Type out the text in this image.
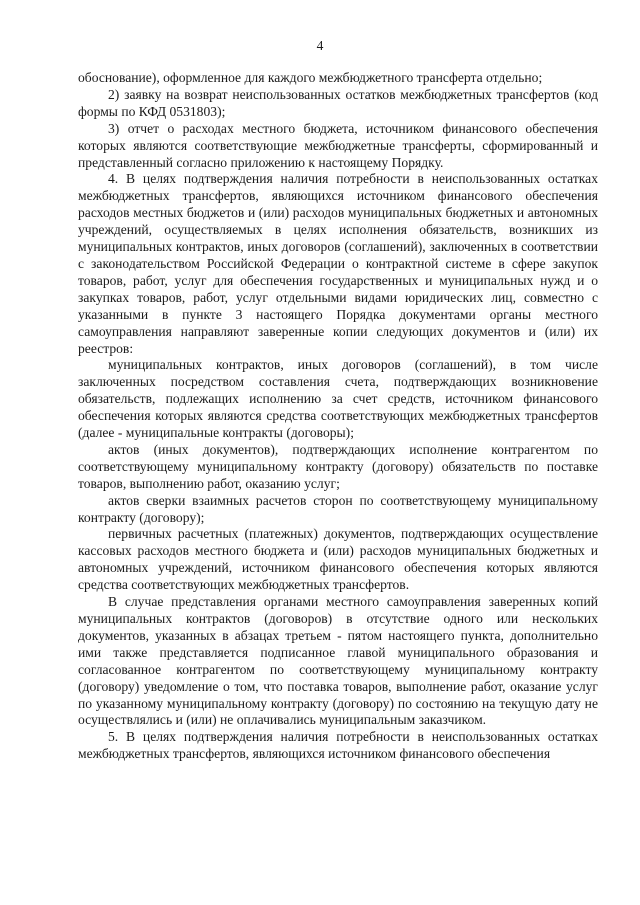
4

обоснование), оформленное для каждого межбюджетного трансферта отдельно;

2) заявку на возврат неиспользованных остатков межбюджетных трансфертов (код формы по КФД 0531803);

3) отчет о расходах местного бюджета, источником финансового обеспечения которых являются соответствующие межбюджетные трансферты, сформированный и представленный согласно приложению к настоящему Порядку.

4. В целях подтверждения наличия потребности в неиспользованных остатках межбюджетных трансфертов, являющихся источником финансового обеспечения расходов местных бюджетов и (или) расходов муниципальных бюджетных и автономных учреждений, осуществляемых в целях исполнения обязательств, возникших из муниципальных контрактов, иных договоров (соглашений), заключенных в соответствии с законодательством Российской Федерации о контрактной системе в сфере закупок товаров, работ, услуг для обеспечения государственных и муниципальных нужд и о закупках товаров, работ, услуг отдельными видами юридических лиц, совместно с указанными в пункте 3 настоящего Порядка документами органы местного самоуправления направляют заверенные копии следующих документов и (или) их реестров:

муниципальных контрактов, иных договоров (соглашений), в том числе заключенных посредством составления счета, подтверждающих возникновение обязательств, подлежащих исполнению за счет средств, источником финансового обеспечения которых являются средства соответствующих межбюджетных трансфертов (далее - муниципальные контракты (договоры);

актов (иных документов), подтверждающих исполнение контрагентом по соответствующему муниципальному контракту (договору) обязательств по поставке товаров, выполнению работ, оказанию услуг;

актов сверки взаимных расчетов сторон по соответствующему муниципальному контракту (договору);

первичных расчетных (платежных) документов, подтверждающих осуществление кассовых расходов местного бюджета и (или) расходов муниципальных бюджетных и автономных учреждений, источником финансового обеспечения которых являются средства соответствующих межбюджетных трансфертов.

В случае представления органами местного самоуправления заверенных копий муниципальных контрактов (договоров) в отсутствие одного или нескольких документов, указанных в абзацах третьем - пятом настоящего пункта, дополнительно ими также представляется подписанное главой муниципального образования и согласованное контрагентом по соответствующему муниципальному контракту (договору) уведомление о том, что поставка товаров, выполнение работ, оказание услуг по указанному муниципальному контракту (договору) по состоянию на текущую дату не осуществлялись и (или) не оплачивались муниципальным заказчиком.

5. В целях подтверждения наличия потребности в неиспользованных остатках межбюджетных трансфертов, являющихся источником финансового обеспечения
